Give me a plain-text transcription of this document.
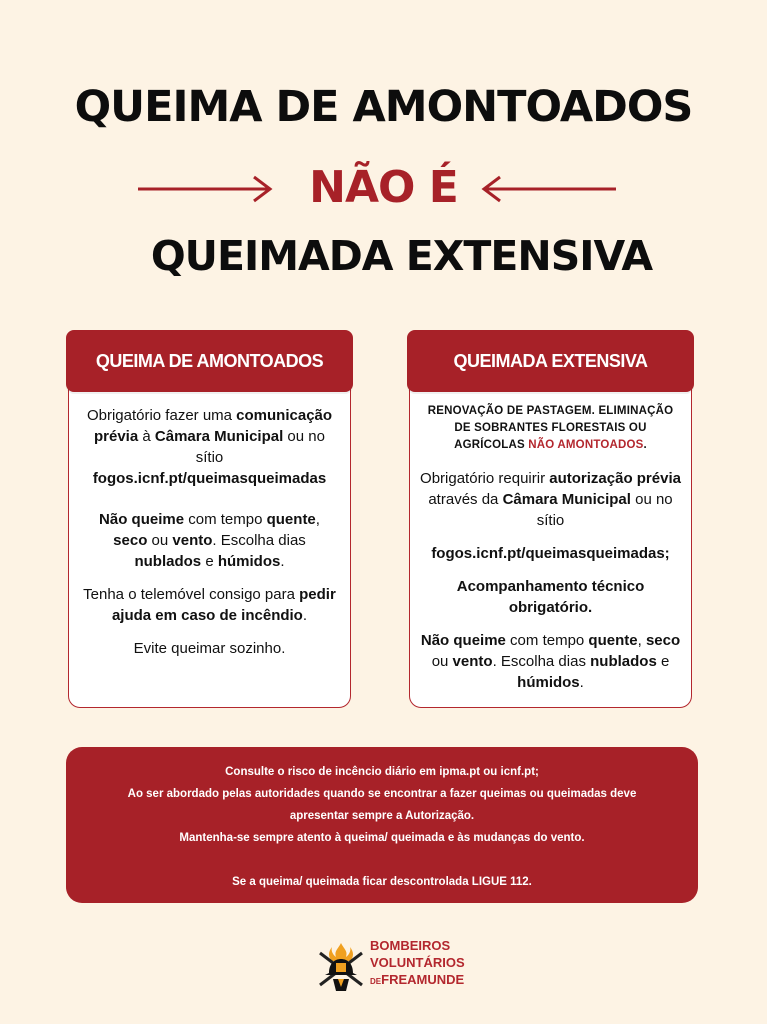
QUEIMA DE AMONTOADOS
NÃO É
QUEIMADA EXTENSIVA
QUEIMA DE AMONTOADOS

Obrigatório fazer uma comunicação prévia à Câmara Municipal ou no sítio
fogos.icnf.pt/queimasqueimadas

Não queime com tempo quente, seco ou vento. Escolha dias nublados e húmidos.

Tenha o telemóvel consigo para pedir ajuda em caso de incêndio.

Evite queimar sozinho.

QUEIMADA EXTENSIVA

RENOVAÇÃO DE PASTAGEM. ELIMINAÇÃO DE SOBRANTES FLORESTAIS OU AGRÍCOLAS NÃO AMONTOADOS.

Obrigatório requirir autorização prévia através da Câmara Municipal ou no sítio

fogos.icnf.pt/queimasqueimadas;

Acompanhamento técnico obrigatório.

Não queime com tempo quente, seco ou vento. Escolha dias nublados e húmidos.

Consulte o risco de incêncio diário em ipma.pt ou icnf.pt;
Ao ser abordado pelas autoridades quando se encontrar a fazer queimas ou queimadas deve apresentar sempre a Autorização.
Mantenha-se sempre atento à queima/ queimada e às mudanças do vento.
Se a queima/ queimada ficar descontrolada LIGUE 112.
BOMBEIROS
VOLUNTÁRIOS
DEFREAMUNDE
